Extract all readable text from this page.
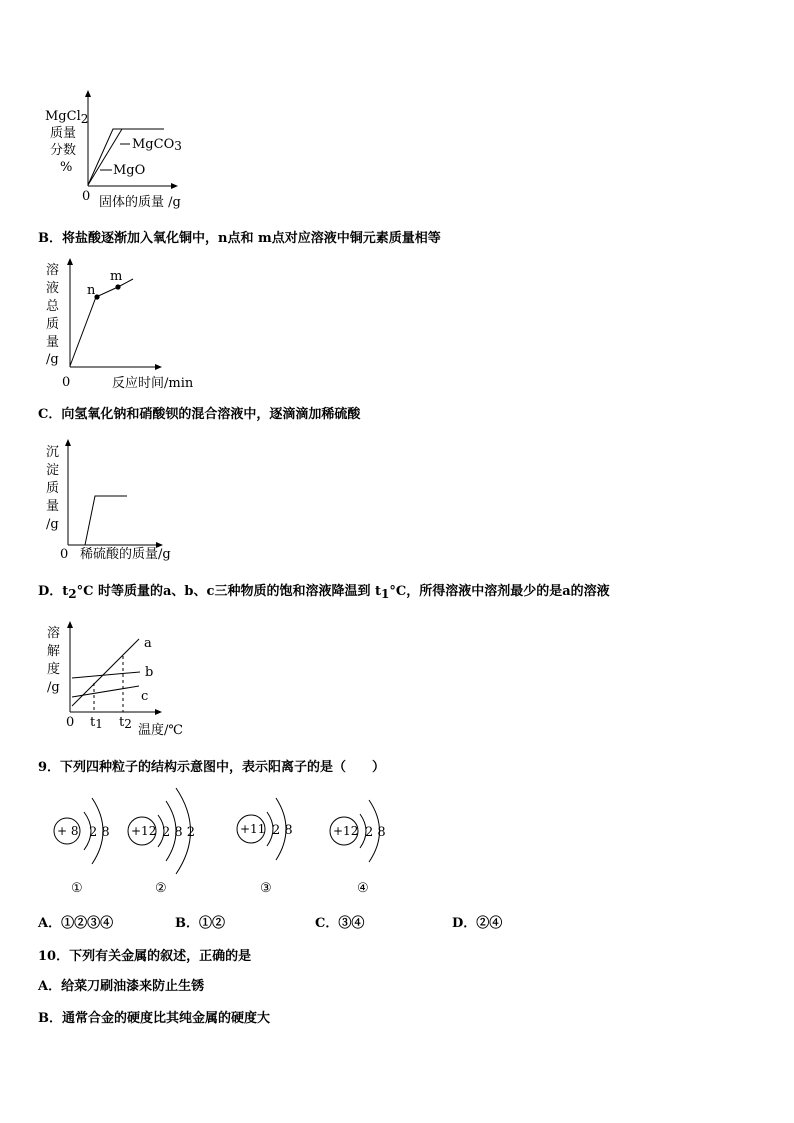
MgCl2
质量
分数
%
0 固体的质量 /g
MgCO3
MgO
B．将盐酸逐渐加入氧化铜中，n点和 m点对应溶液中铜元素质量相等
溶
液
总
质
量
/g
0	反应时间/min
n
m
C．向氢氧化钠和硝酸钡的混合溶液中，逐滴滴加稀硫酸
沉
淀
质
量
/g
0 稀硫酸的质量/g
D．t2°C 时等质量的a、b、c三种物质的饱和溶液降温到 t1°C，所得溶液中溶剂最少的是a的溶液
溶
解
度
/g
0 t1 t2 温度/℃
a
b
c
9．下列四种粒子的结构示意图中，表示阳离子的是（　　）
+ 8 2 8 +12 2 8 2	+11 2 8	+12 2 8
①	②	③	④
A．①②③④	B．①②	C．③④	D．②④
10．下列有关金属的叙述，正确的是
A．给菜刀刷油漆来防止生锈
B．通常合金的硬度比其纯金属的硬度大
